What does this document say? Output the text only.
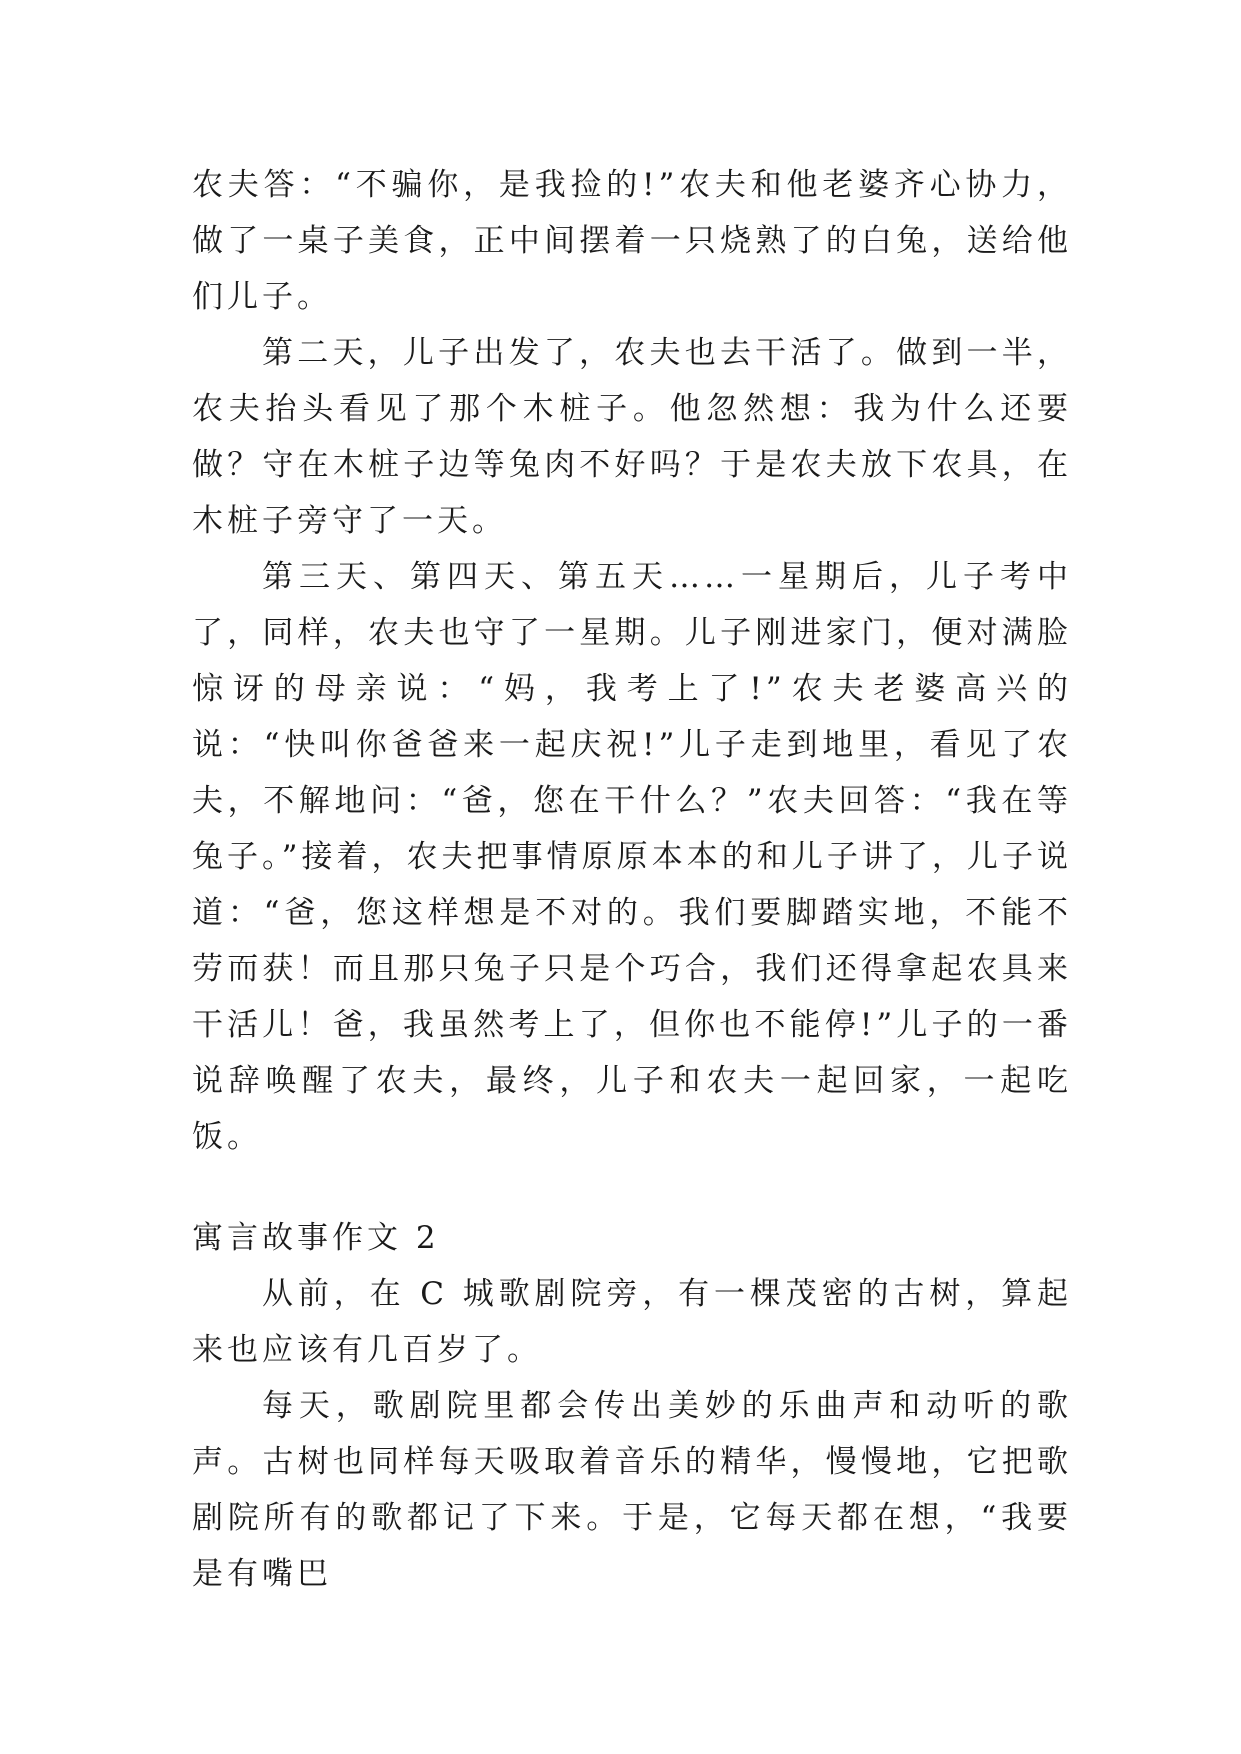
农夫答：“不骗你，是我捡的!”农夫和他老婆齐心协力，做了一桌子美食，正中间摆着一只烧熟了的白兔，送给他们儿子。

第二天，儿子出发了，农夫也去干活了。做到一半，农夫抬头看见了那个木桩子。他忽然想：我为什么还要做？守在木桩子边等兔肉不好吗？于是农夫放下农具，在木桩子旁守了一天。

第三天、第四天、第五天……一星期后，儿子考中了，同样，农夫也守了一星期。儿子刚进家门，便对满脸惊讶的母亲说：“妈，我考上了!”农夫老婆高兴的说：“快叫你爸爸来一起庆祝!”儿子走到地里，看见了农夫，不解地问：“爸，您在干什么？”农夫回答：“我在等兔子。”接着，农夫把事情原原本本的和儿子讲了，儿子说道：“爸，您这样想是不对的。我们要脚踏实地，不能不劳而获！而且那只兔子只是个巧合，我们还得拿起农具来干活儿！爸，我虽然考上了，但你也不能停!”儿子的一番说辞唤醒了农夫，最终，儿子和农夫一起回家，一起吃饭。

寓言故事作文 2

从前，在 C 城歌剧院旁，有一棵茂密的古树，算起来也应该有几百岁了。

每天，歌剧院里都会传出美妙的乐曲声和动听的歌声。古树也同样每天吸取着音乐的精华，慢慢地，它把歌剧院所有的歌都记了下来。于是，它每天都在想，“我要是有嘴巴
